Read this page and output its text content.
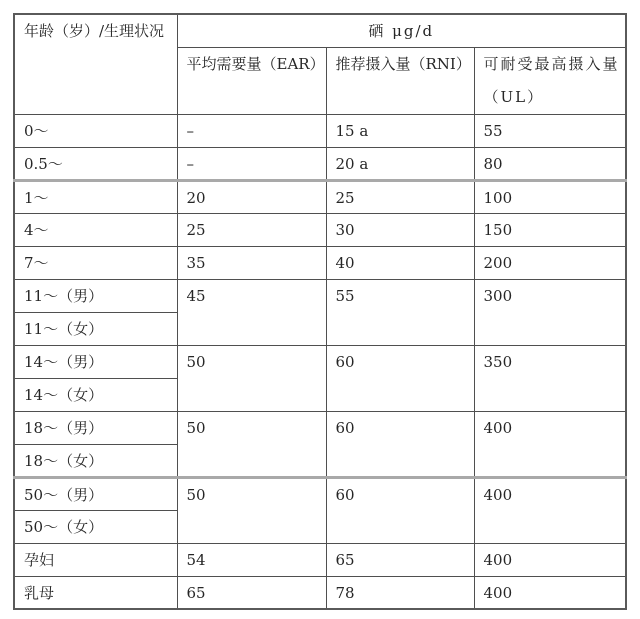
年龄（岁）/生理状况	硒 μg/d		
	平均需要量（EAR）	推荐摄入量（RNI）	可耐受最高摄入量（UL）
0～	–	15 a	55
0.5～	–	20 a	80
1～	20	25	100
4～	25	30	150
7～	35	40	200
11～（男）	45	55	300
11～（女）			
14～（男）	50	60	350
14～（女）			
18～（男）	50	60	400
18～（女）			
50～（男）	50	60	400
50～（女）			
孕妇	54	65	400
乳母	65	78	400
